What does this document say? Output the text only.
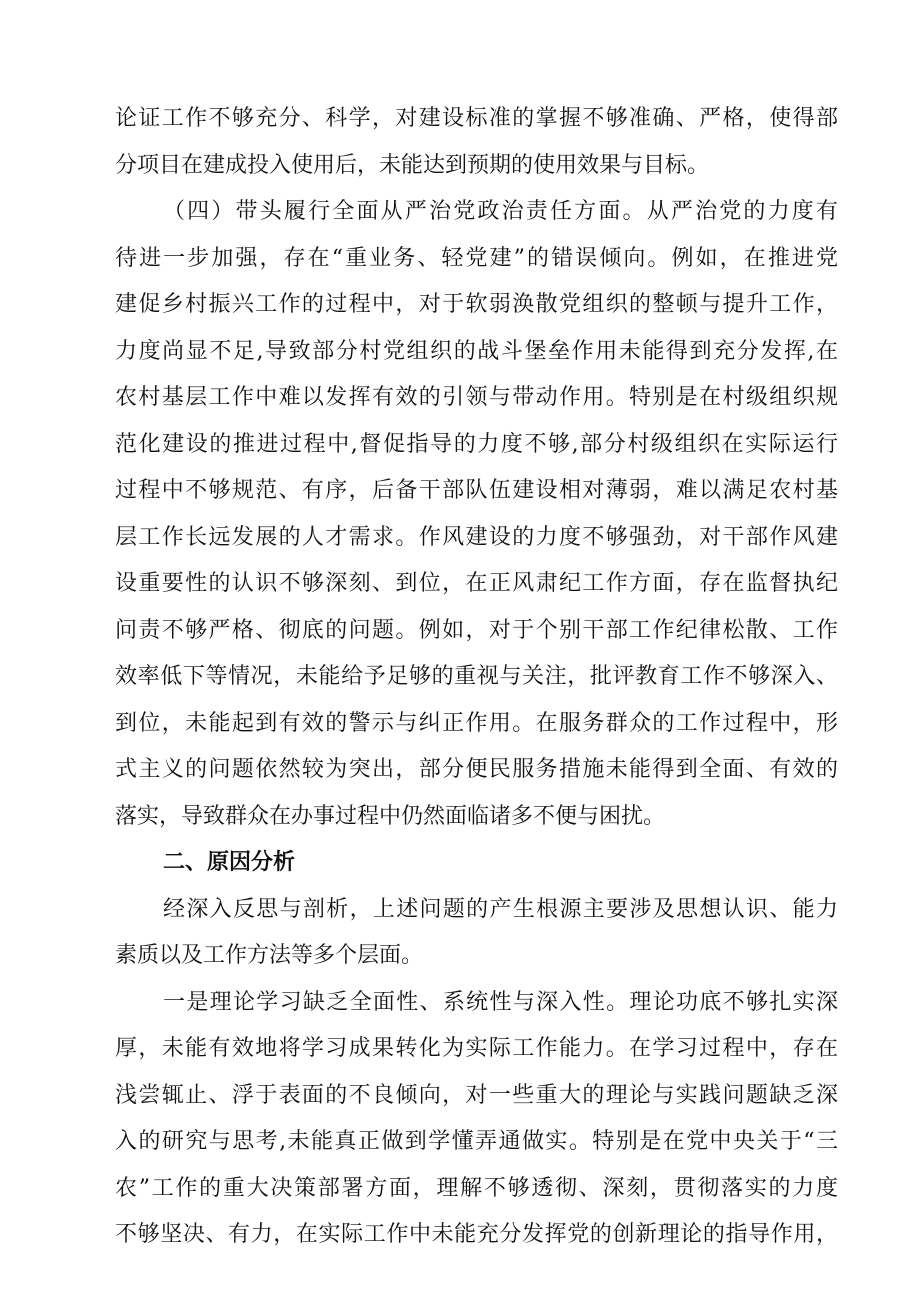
论证工作不够充分、科学，对建设标准的掌握不够准确、严格，使得部
分项目在建成投入使用后，未能达到预期的使用效果与目标。
（四）带头履行全面从严治党政治责任方面。从严治党的力度有
待进一步加强，存在“重业务、轻党建”的错误倾向。例如，在推进党
建促乡村振兴工作的过程中，对于软弱涣散党组织的整顿与提升工作，
力度尚显不足,导致部分村党组织的战斗堡垒作用未能得到充分发挥,在
农村基层工作中难以发挥有效的引领与带动作用。特别是在村级组织规
范化建设的推进过程中,督促指导的力度不够,部分村级组织在实际运行
过程中不够规范、有序，后备干部队伍建设相对薄弱，难以满足农村基
层工作长远发展的人才需求。作风建设的力度不够强劲，对干部作风建
设重要性的认识不够深刻、到位，在正风肃纪工作方面，存在监督执纪
问责不够严格、彻底的问题。例如，对于个别干部工作纪律松散、工作
效率低下等情况，未能给予足够的重视与关注，批评教育工作不够深入、
到位，未能起到有效的警示与纠正作用。在服务群众的工作过程中，形
式主义的问题依然较为突出，部分便民服务措施未能得到全面、有效的
落实，导致群众在办事过程中仍然面临诸多不便与困扰。
二、原因分析
经深入反思与剖析，上述问题的产生根源主要涉及思想认识、能力
素质以及工作方法等多个层面。
一是理论学习缺乏全面性、系统性与深入性。理论功底不够扎实深
厚，未能有效地将学习成果转化为实际工作能力。在学习过程中，存在
浅尝辄止、浮于表面的不良倾向，对一些重大的理论与实践问题缺乏深
入的研究与思考,未能真正做到学懂弄通做实。特别是在党中央关于“三
农”工作的重大决策部署方面，理解不够透彻、深刻，贯彻落实的力度
不够坚决、有力，在实际工作中未能充分发挥党的创新理论的指导作用，
